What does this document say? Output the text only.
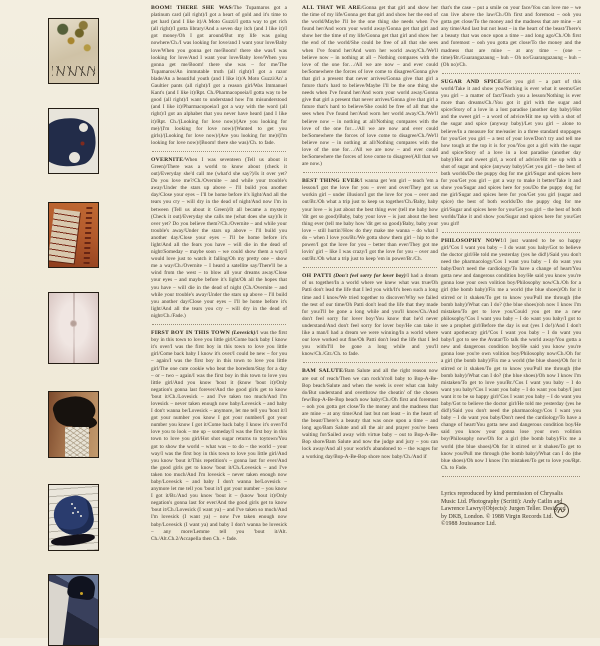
BOOM! THERE SHE WAS/The Tupamaros got a platinum card (all right)/I got a heart of gold and it's time to get hard (and I like it)/A Moto Guzzi/I gotta way to get rich (all right)/I gotta library/And a seven day itch (and I like it)/I got money/Oh I got around/But my life was going nowhere/Ch./I was looking for love/and I want your love/Baby love/When you gonna get me/Boom! there she was/I was looking for love/And I want your love/Baby love/When you gonna get me/Boom! there she was – for me/The Tupamaros/An immutable truth (all right)/I got a razor blade/An a beautiful youth (and I like it)/A Moto Guzzi/An' a Gaultier pants (all right)/I got a reason girl/Was Immanuel Kant's (and I like it)/Rpt. Ch./Pharmacopoeia/I gotta way to be good (all right)/I want to understand how I'm misunderstood (and I like it)/Pharmacopoeia/I got a way with the word (all right)/I got an alphabet that you never have heard (and I like it)/Rpt. Ch./(Looking for love now)/(Are you looking for me)/(I'm looking for love now)/(Wanted to get you girls)/(Looking for love now)/(Are you looking for me)/(I'm looking for love now)/(Boom! there she was)/Ch. to fade.

OVERNITE/When I was seventeen (Tell us about it Green)/There was a world to know about (check it out)/Everyday she'd call me (what'd she say?)/Is it over yet? Do you love me?/Ch./Overnite – and while your trouble's away/Under the stars up above – I'll build you another day/Close your eyes – I'll be home before it's light/And all the tears you cry – will dry in the dead of night/And now I'm in between (Tell us about it Green)/It all became a mystery (Check it out)/Everyday she calls me (what does she say)/Is it over yet? Do you believe them?/Ch./Overnite – and while your trouble's away/Under the stars up above – I'll build you another day/Close your eyes – I'll be home before it's light/And all the fears you have – will die in the dead of night/Someday – maybe soon – we could show them a way/I would love just to watch it falling/Oh my pretty one – show me a way/Ch./Overnite – I heard a satellite say/There'll be a wind from the west – to blow all your dreams away/Close your eyes – and maybe before it's light/Oh all the hopes that you have – will die in the dead of night (Ch./Overnite – and while your trouble's away/Under the stars up above – I'll build you another day/Close your eyes – I'll be home before it's light/And all the tears you cry – will dry in the dead of night/Ch./Fade.)

FIRST BOY IN THIS TOWN (Lovesick)/I was the first boy in this town to love you little girl/Come back baby I know it's over/I was the first boy in this town to love you little girl/Come back baby I know it's over/I could be new – for you – again/I was the first boy in this town to love you little girl/The one cute cookie who beat the boredom/Stay for a day – or – two – again/I was the first boy in this town to love you little girl/And you know 'bout it (know 'bout it)/Only negation's gonna last forever/And the good girls get to know 'bout it/Ch./Lovesick – and I've taken too much/And I'm lovesick – never taken enough now baby/Lovesick – and baby I don't wanna be/Lovesick – anymore, let me tell you 'bout it/I got your number you know I got your number/I got your number you know I got it/Come back baby I know it's over/I'd love you to look – me up – someday/I was the first boy in this town to love you girl/Hot shot sugar returns to toytown/You got to show the world – what was – to do – the world – your way/I was the first boy in this town to love you little girl/And you know 'bout it/This repetition's – gonna last for ever/And the good girls get to know 'bout it/Ch./Lovesick – and I've taken too much/And I'm lovesick – never taken enough now baby/Lovesick – and baby I don't wanna be/Lovesick – anymore let me tell you 'bout it/I got your number – you know I got it/Br./And you know 'bout it – (know 'bout it)/Only negation's gonna last for ever/And the good girls get to know 'bout it/Ch./Lovesick (I want ya) – and I've taken so much/And I'm lovesick (I want ya) – now I've taken enough now baby/Lovesick (I want ya) and baby I don't wanna be lovesick – any more/Lemme tell you 'bout it/Alt. Ch./Alt.Ch.2/Accapella then Ch. + fade.

ALL THAT WE ARE/Gonna get that girl and show her the time of my life/Gonna get that girl and show her the end of the world/Maybe I'll be the one thing she needs when I've found her/And worn your world away/Gonna get that girl and show her the time of my life/Gonna get that girl and show her the end of the world/She could be free of all that she sees when I've found her/And worn her world away/Ch./We'll believe now – in nothing at all – Nothing compares with the love of the one for…/All we are now – and ever could be/Somewhere the forces of love come to disagree/Gonna give that girl a present that never arrives/Gonna give that girl a future that's hard to believe/Maybe I'll be the one thing she needs when I've found her/And worn your world away/Gonna give that girl a present that never arrives/Gonna give that girl a future that's hard to believe/She could be free of all that she sees when I've found her/And worn her world away/Ch./We'll believe now – in nothing at all/Nothing compares with the love of the one for…/All we are now and ever could be/Somewhere the forces of love come to disagree/Ch./We'll believe now – in nothing at all/Nothing compares with the love of the one for…/All we are now – and ever could be/Somewhere the forces of love come to disagree/(All that we are now.)

BEST THING EVER/I wanna get 'em girl – teach 'em a lesson/I got the love for you – over and over/They got us workin girl – under illusion/I got the love for you – over and out/Br./Oh what a trip just to keep us together/Ch./Baby, baby your love – is just about the best thing ever (tell me baby how 'dit get so good)/Baby, baby your love – is just about the best thing ever (tell me baby how 'dit get so good)/Baby, baby your love – still hurtin'/How do they make me wanna – do what I do – when I love you/Br./We gotta show them girl – hip to the power/I got the love for you – better than ever/They got me lovin' girl – like I was crazy/I got the love for you – over and out/Br./Oh what a trip just to keep 'em in power/Br./Ch.

OH PATTI (Don't feel sorry for lover boy)/I had a dream of us together/In a world where we knew what was true/Oh Patti don't lead the life that I led you with/It's been such a long time and I know/We tried together to discover/Why we failed the test of our time/Oh Patti don't lead the life that they made for you/I'll be gone a long while and you'll know/Ch./And don't feel sorry for lover boy/You know that he'd never understand/And don't feel sorry for lover boy/He can take it like a man/I had a dream we were winning/In a world where our love worked out fine/Oh Patti don't lead the life that I led you with/I'll be gone a long while and you'll know/Ch./Gtr./Ch. to fade.

BAM SALUTE/Bam Salute and all the right reason now are out of reach/Then we can rock'n'roll baby to Bop-A-Be-Bop beach/Salute and when the week is over what can baby do/But understand and overthrow the cheatin' of the chosen few/Bop-A-Be-Bop beach now baby/Ch./Oh first and foremost – ooh you gotta get close/To the money and the madness that are mine – at any time/And last but not least – in the heart of the beast/There's a beauty that was once upon a time – and long ago/Bam Salute and all the air and prayer you've been waiting for/Sailed away with virtue baby – out to Bop-A-Be-Bop shore/Bam Salute and now the judge and jury – you can lock away/And all your world's abandoned to – the wages for a working day/Bop-A-Be-Bop shore now baby/Ch./And if

that's the case – put a smile on your face/You can love me – we can live above the law/Ch./Oh first and foremost – ooh you gotta get close/To the money and the madness that are mine – at any time/And last but not least – in the heart of the beast/There's a beauty that was once upon a time – and long ago/Ch./Oh first and foremost – ooh you gotta get close/To the money and the madness that are mine – at any time – (one – time)/Br./Guarangazaung – huh – Oh no/Guarangazaung – huh – (Oh no)/Ch.

SUGAR AND SPICE/Get you girl – a part of this world/Take it and show you/Nothing is ever what it seems/Get you girl – a matter of fact/Teach you a lesson/Nothing is ever more than dreams/Ch./You got it girl with the sugar and spice/Story of a love in a lost paradise (another day baby)/Hot and the sweet girl – a word of advice/Hit me up with a shot of the sugar and spice (anyway baby)/Let you girl – alone to believe/In a measure for me/easier in a three standard stoppages for you/Get you girl – a test of your love/Don't try and tell me how tough at the top it is for you/You got a girl with the sugar and spice/Story of a love in a lost paradise (another day baby)/Hot and sweet girl, a word of advice/Hit me up with a shot of sugar and spice (anyway baby)/Get you girl – the best of both worlds/Do the puppy dog for me girl/Sugar and spices here for you/Get you girl – got a way to make it better/Take it and show you/Sugar and spices here for you/Do the puppy dog for me girl/Sugar and spices here for you/Get you girl (sugar and spice) the best of both worlds/Do the puppy dog for me girl/Sugar and spices here for you/Get you girl – the best of both worlds/Take it and show you/Sugar and spices here for you/Get you girl!

PHILOSOPHY NOW!/I just wanted to be so happy girl/'Cos I want you baby – I do want you baby/Got to believe the doctor girl/He told me yesterday (yes he did!)/Said you don't need the pharmacology/Cos I want you baby – I do want you baby/Don't need the cardiology/To have a change of heart/You gotta new and dangerous condition boy/He said you know you're gonna lose your own volition boy/Philosophy now/Ch./Oh for a girl (the bomb baby)/Fix me a world (the blue shoes)/Oh for it stirred or it shaken/To get to know you/Pull me through (the bomb baby)/What can I do? (the blue shoes)/oh now I know I'm mistaken/To get to love you/Could you get me a new philosophy/'Cos I want you baby – I do want you baby/I got to see a prophet girl/Before the day is out (yes I do!)/And I don't want apothecary girl/'Cos I want you baby – I do want you baby/I got to see the Avatar/To talk the world away/You gotta a new and dangerous condition boy/He said you know you're gonna lose you're own volition boy/Philosophy now/Ch./Oh for a girl (the bomb baby)/Fix me a world (the blue shoes)/Oh for it stirred or it shaken/To get to know you/Pull me through (the bomb baby)/What can I do? (the blue shoes)/Oh now I know I'm mistaken/To get to love you/Br./'Cos I want you baby – I do want you baby/'Cos I want you baby – I do want you baby/I just want it to be so happy girl/'Cos I want you baby – I do want you baby/Got to believe the doctor girl/He told me yesterday (yes he did!)/Said you don't need the pharmacology/Cos I want you baby – I do want you baby/Don't need the cardiology/To have a change of heart/You gotta new and dangerous condition boy/He said you know your gonna lose your own volition boy/Philosophy now/Oh for a girl (the bomb baby)/Fix me a world (the blue shoes)/Oh for it stirred or it shaken/To get to know you/Pull me through (the bomb baby)/What can I do (the blue shoes)/Oh now I know I'm mistaken/To get to love you/Rpt. Ch. to Fade.

Lyrics reproduced by kind permission of Chrysalis Music Ltd. Photography (Scritti): Andy Catlin and Lawrence Lawry/(Objects): Jurgen Teller. Designed by DKB, London. © 1988 Virgin Records Ltd. ©1988 Jouissance Ltd.
